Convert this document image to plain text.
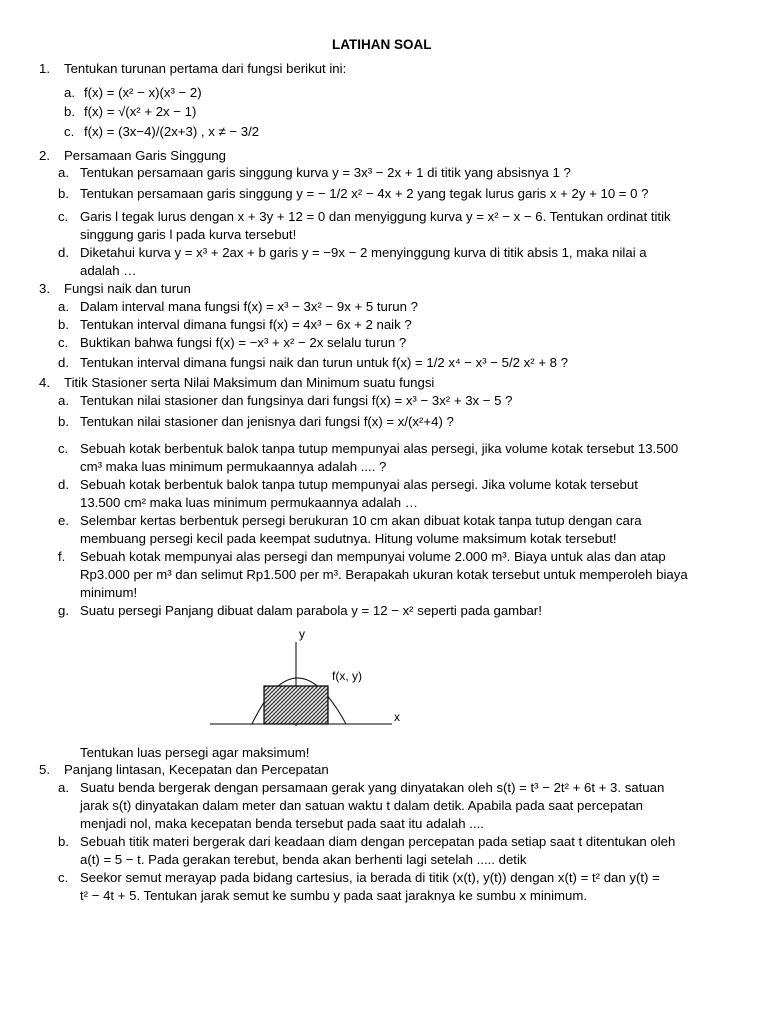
LATIHAN SOAL
1. Tentukan turunan pertama dari fungsi berikut ini:
a. f(x) = (x² − x)(x³ − 2)
b. f(x) = √(x² + 2x − 1)
c. f(x) = (3x−4)/(2x+3) , x ≠ − 3/2
2. Persamaan Garis Singgung
a. Tentukan persamaan garis singgung kurva y = 3x³ − 2x + 1 di titik yang absisnya 1 ?
b. Tentukan persamaan garis singgung y = − 1/2 x² − 4x + 2 yang tegak lurus garis x + 2y + 10 = 0 ?
c. Garis l tegak lurus dengan x + 3y + 12 = 0 dan menyiggung kurva y = x² − x − 6. Tentukan ordinat titik
singgung garis l pada kurva tersebut!
d. Diketahui kurva y = x³ + 2ax + b garis y = −9x − 2 menyinggung kurva di titik absis 1, maka nilai a
adalah …
3. Fungsi naik dan turun
a. Dalam interval mana fungsi f(x) = x³ − 3x² − 9x + 5 turun ?
b. Tentukan interval dimana fungsi f(x) = 4x³ − 6x + 2 naik ?
c. Buktikan bahwa fungsi f(x) = −x³ + x² − 2x selalu turun ?
d. Tentukan interval dimana fungsi naik dan turun untuk f(x) = 1/2 x⁴ − x³ − 5/2 x² + 8 ?
4. Titik Stasioner serta Nilai Maksimum dan Minimum suatu fungsi
a. Tentukan nilai stasioner dan fungsinya dari fungsi f(x) = x³ − 3x² + 3x − 5 ?
b. Tentukan nilai stasioner dan jenisnya dari fungsi f(x) = x/(x²+4) ?
c. Sebuah kotak berbentuk balok tanpa tutup mempunyai alas persegi, jika volume kotak tersebut 13.500
cm³ maka luas minimum permukaannya adalah .... ?
d. Sebuah kotak berbentuk balok tanpa tutup mempunyai alas persegi. Jika volume kotak tersebut
13.500 cm² maka luas minimum permukaannya adalah …
e. Selembar kertas berbentuk persegi berukuran 10 cm akan dibuat kotak tanpa tutup dengan cara
membuang persegi kecil pada keempat sudutnya. Hitung volume maksimum kotak tersebut!
f. Sebuah kotak mempunyai alas persegi dan mempunyai volume 2.000 m³. Biaya untuk alas dan atap
Rp3.000 per m³ dan selimut Rp1.500 per m³. Berapakah ukuran kotak tersebut untuk memperoleh biaya
minimum!
g. Suatu persegi Panjang dibuat dalam parabola y = 12 − x² seperti pada gambar!
Tentukan luas persegi agar maksimum!
5. Panjang lintasan, Kecepatan dan Percepatan
a. Suatu benda bergerak dengan persamaan gerak yang dinyatakan oleh s(t) = t³ − 2t² + 6t + 3. satuan
jarak s(t) dinyatakan dalam meter dan satuan waktu t dalam detik. Apabila pada saat percepatan
menjadi nol, maka kecepatan benda tersebut pada saat itu adalah ....
b. Sebuah titik materi bergerak dari keadaan diam dengan percepatan pada setiap saat t ditentukan oleh
a(t) = 5 − t. Pada gerakan terebut, benda akan berhenti lagi setelah ..... detik
c. Seekor semut merayap pada bidang cartesius, ia berada di titik (x(t), y(t)) dengan x(t) = t² dan y(t) =
t² − 4t + 5. Tentukan jarak semut ke sumbu y pada saat jaraknya ke sumbu x minimum.
y
x
f(x, y)
